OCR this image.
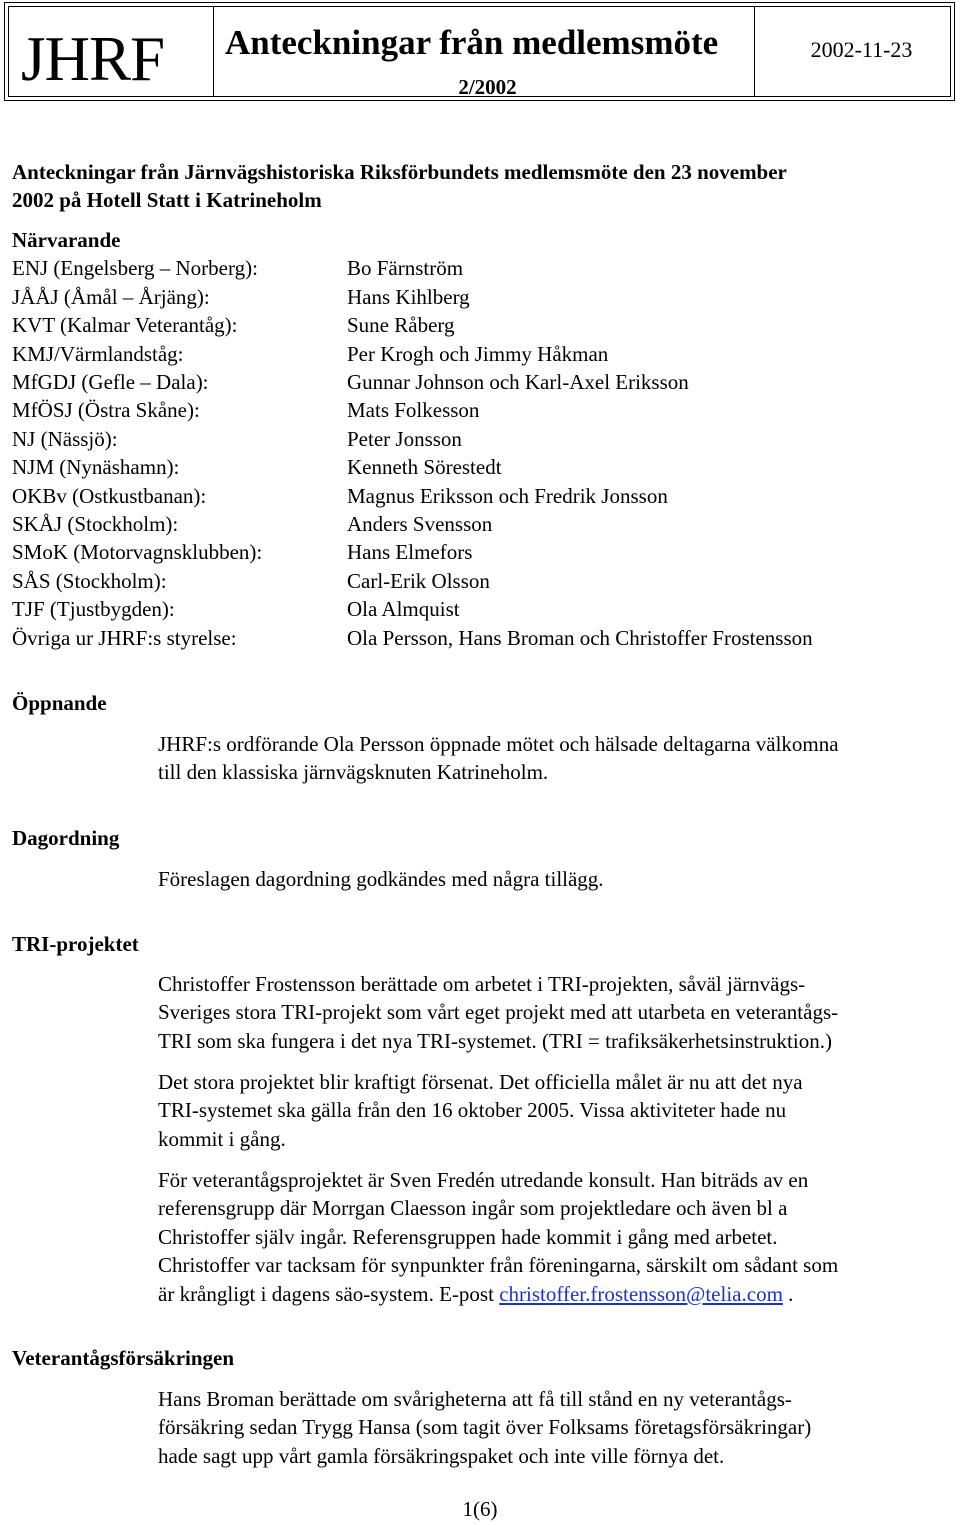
JHRF Anteckningar från medlemsmöte
2/2002
2002-11-23
Anteckningar från Järnvägshistoriska Riksförbundets medlemsmöte den 23 november
2002 på Hotell Statt i Katrineholm
Närvarande
ENJ (Engelsberg – Norberg):	Bo Färnström
JÅÅJ (Åmål – Årjäng):	Hans Kihlberg
KVT (Kalmar Veterantåg):	Sune Råberg
KMJ/Värmlandståg:	Per Krogh och Jimmy Håkman
MfGDJ (Gefle – Dala):	Gunnar Johnson och Karl-Axel Eriksson
MfÖSJ (Östra Skåne):	Mats Folkesson
NJ (Nässjö):	Peter Jonsson
NJM (Nynäshamn):	Kenneth Sörestedt
OKBv (Ostkustbanan):	Magnus Eriksson och Fredrik Jonsson
SKÅJ (Stockholm):	Anders Svensson
SMoK (Motorvagnsklubben):	Hans Elmefors
SÅS (Stockholm):	Carl-Erik Olsson
TJF (Tjustbygden):	Ola Almquist
Övriga ur JHRF:s styrelse:	Ola Persson, Hans Broman och Christoffer Frostensson
Öppnande
JHRF:s ordförande Ola Persson öppnade mötet och hälsade deltagarna välkomna
till den klassiska järnvägsknuten Katrineholm.
Dagordning
Föreslagen dagordning godkändes med några tillägg.
TRI-projektet
Christoffer Frostensson berättade om arbetet i TRI-projekten, såväl järnvägs-
Sveriges stora TRI-projekt som vårt eget projekt med att utarbeta en veterantågs-
TRI som ska fungera i det nya TRI-systemet. (TRI = trafiksäkerhetsinstruktion.)
Det stora projektet blir kraftigt försenat. Det officiella målet är nu att det nya
TRI-systemet ska gälla från den 16 oktober 2005. Vissa aktiviteter hade nu
kommit i gång.
För veterantågsprojektet är Sven Fredén utredande konsult. Han biträds av en
referensgrupp där Morrgan Claesson ingår som projektledare och även bl a
Christoffer själv ingår. Referensgruppen hade kommit i gång med arbetet.
Christoffer var tacksam för synpunkter från föreningarna, särskilt om sådant som
är krångligt i dagens säo-system. E-post christoffer.frostensson@telia.com .
Veterantågsförsäkringen
Hans Broman berättade om svårigheterna att få till stånd en ny veterantågs-
försäkring sedan Trygg Hansa (som tagit över Folksams företagsförsäkringar)
hade sagt upp vårt gamla försäkringspaket och inte ville förnya det.
1(6)
